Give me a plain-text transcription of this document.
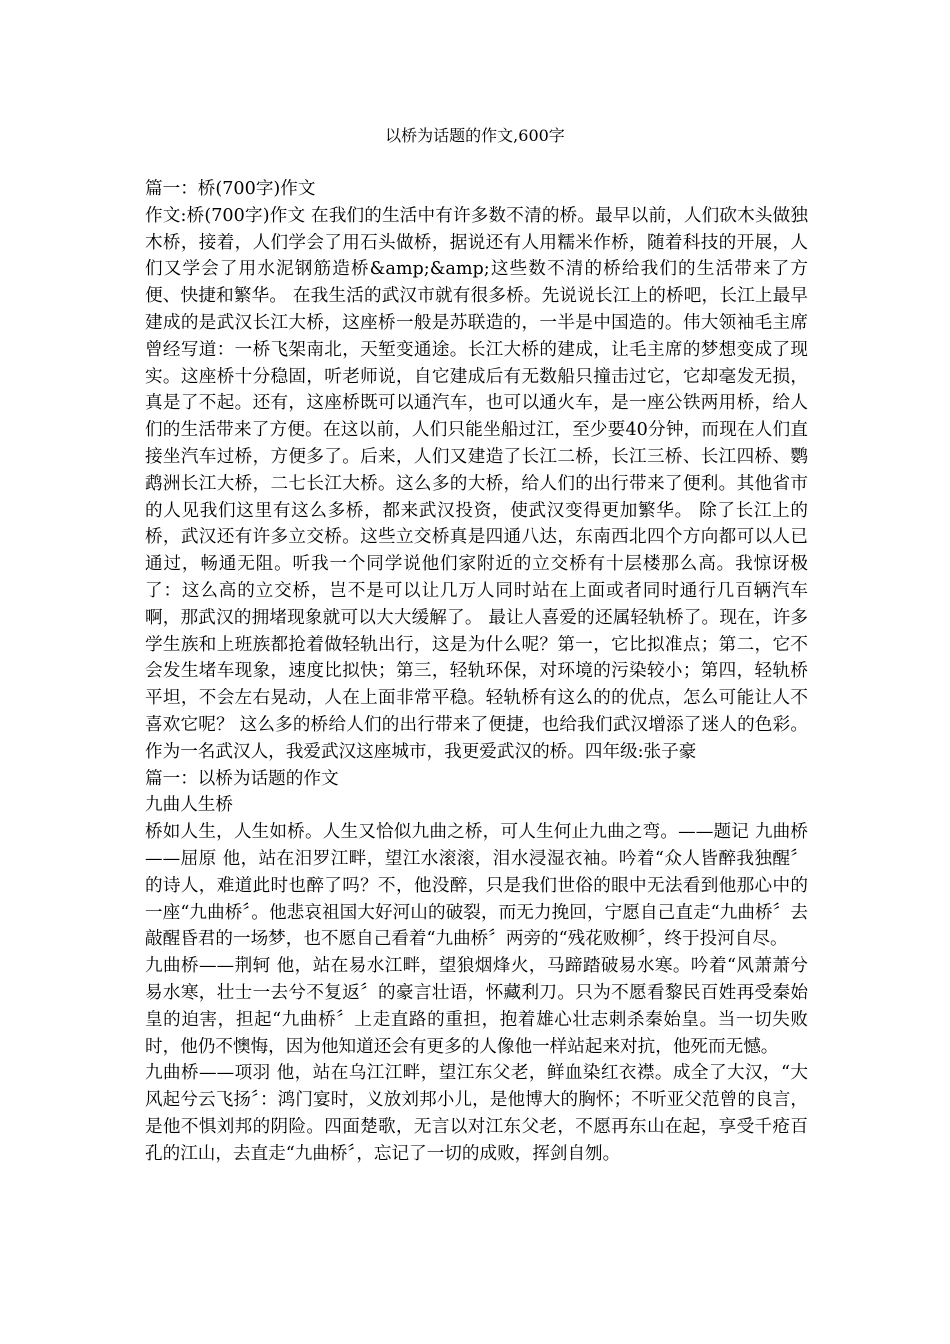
以桥为话题的作文,600字

篇一：桥(700字)作文

作文:桥(700字)作文 在我们的生活中有许多数不清的桥。最早以前，人们砍木头做独木桥，接着，人们学会了用石头做桥，据说还有人用糯米作桥，随着科技的开展，人们又学会了用水泥钢筋造桥&amp;&amp;这些数不清的桥给我们的生活带来了方便、快捷和繁华。 在我生活的武汉市就有很多桥。先说说长江上的桥吧，长江上最早建成的是武汉长江大桥，这座桥一般是苏联造的，一半是中国造的。伟大领袖毛主席曾经写道：一桥飞架南北，天堑变通途。长江大桥的建成，让毛主席的梦想变成了现实。这座桥十分稳固，听老师说，自它建成后有无数船只撞击过它，它却毫发无损，真是了不起。还有，这座桥既可以通汽车，也可以通火车，是一座公铁两用桥，给人们的生活带来了方便。在这以前，人们只能坐船过江，至少要40分钟，而现在人们直接坐汽车过桥，方便多了。后来，人们又建造了长江二桥，长江三桥、长江四桥、鹦鹉洲长江大桥，二七长江大桥。这么多的大桥，给人们的出行带来了便利。其他省市的人见我们这里有这么多桥，都来武汉投资，使武汉变得更加繁华。 除了长江上的桥，武汉还有许多立交桥。这些立交桥真是四通八达，东南西北四个方向都可以人已通过，畅通无阻。听我一个同学说他们家附近的立交桥有十层楼那么高。我惊讶极了：这么高的立交桥，岂不是可以让几万人同时站在上面或者同时通行几百辆汽车啊，那武汉的拥堵现象就可以大大缓解了。 最让人喜爱的还属轻轨桥了。现在，许多学生族和上班族都抢着做轻轨出行，这是为什么呢？第一，它比拟准点；第二，它不会发生堵车现象，速度比拟快；第三，轻轨环保，对环境的污染较小；第四，轻轨桥平坦，不会左右晃动，人在上面非常平稳。轻轨桥有这么的的优点，怎么可能让人不喜欢它呢？ 这么多的桥给人们的出行带来了便捷，也给我们武汉增添了迷人的色彩。作为一名武汉人，我爱武汉这座城市，我更爱武汉的桥。四年级:张子豪

篇一：以桥为话题的作文

九曲人生桥

桥如人生，人生如桥。人生又恰似九曲之桥，可人生何止九曲之弯。——题记 九曲桥——屈原 他，站在汨罗江畔，望江水滚滚，泪水浸湿衣袖。吟着“众人皆醉我独醒〞的诗人，难道此时也醉了吗？不，他没醉，只是我们世俗的眼中无法看到他那心中的一座“九曲桥〞。他悲哀祖国大好河山的破裂，而无力挽回，宁愿自己直走“九曲桥〞去敲醒昏君的一场梦，也不愿自己看着“九曲桥〞两旁的“残花败柳〞，终于投河自尽。

九曲桥——荆轲 他，站在易水江畔，望狼烟烽火，马蹄踏破易水寒。吟着“风萧萧兮易水寒，壮士一去兮不复返〞的豪言壮语，怀藏利刀。只为不愿看黎民百姓再受秦始皇的迫害，担起“九曲桥〞上走直路的重担，抱着雄心壮志刺杀秦始皇。当一切失败时，他仍不懊悔，因为他知道还会有更多的人像他一样站起来对抗，他死而无憾。

九曲桥——项羽 他，站在乌江江畔，望江东父老，鲜血染红衣襟。成全了大汉，“大风起兮云飞扬〞：鸿门宴时，义放刘邦小儿，是他博大的胸怀；不听亚父范曾的良言，是他不惧刘邦的阴险。四面楚歌，无言以对江东父老，不愿再东山在起，享受千疮百孔的江山，去直走“九曲桥〞，忘记了一切的成败，挥剑自刎。
